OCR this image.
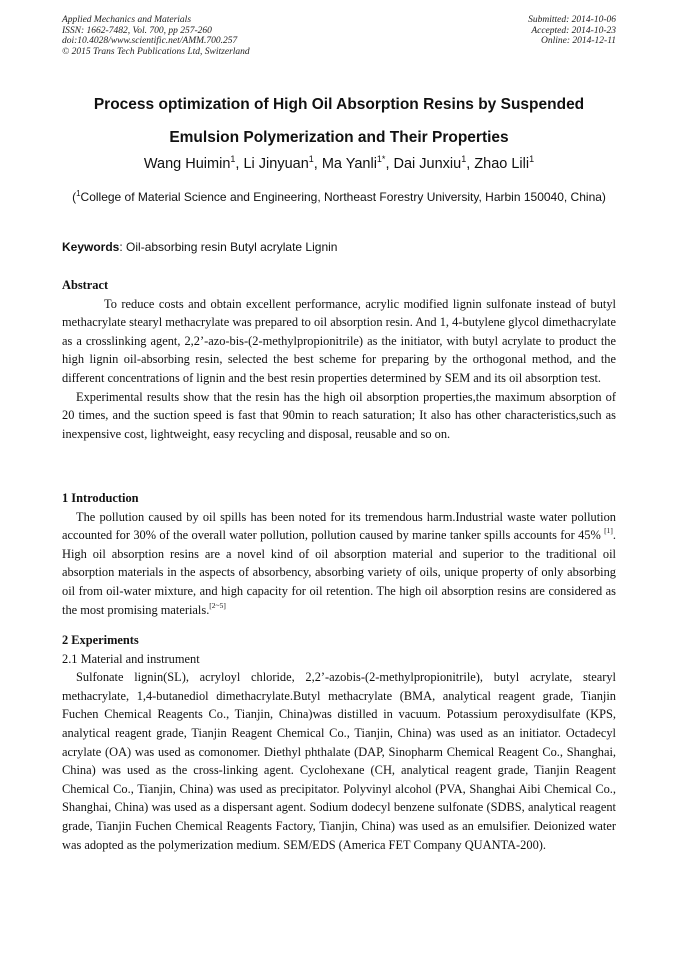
Applied Mechanics and Materials
ISSN: 1662-7482, Vol. 700, pp 257-260
doi:10.4028/www.scientific.net/AMM.700.257
© 2015 Trans Tech Publications Ltd, Switzerland
Submitted: 2014-10-06
Accepted: 2014-10-23
Online: 2014-12-11
Process optimization of High Oil Absorption Resins by Suspended
Emulsion Polymerization and Their Properties
Wang Huimin$^1$, Li Jinyuan$^1$, Ma Yanli$^{1*}$, Dai Junxiu$^1$, Zhao Lili$^1$
($^1$College of Material Science and Engineering, Northeast Forestry University, Harbin 150040, China)
Keywords: Oil-absorbing resin Butyl acrylate Lignin
Abstract

To reduce costs and obtain excellent performance, acrylic modified lignin sulfonate instead of butyl methacrylate stearyl methacrylate was prepared to oil absorption resin. And 1, 4-butylene glycol dimethacrylate as a crosslinking agent, 2,2’-azo-bis-(2-methylpropionitrile) as the initiator, with butyl acrylate to product the high lignin oil-absorbing resin, selected the best scheme for preparing by the orthogonal method, and the different concentrations of lignin and the best resin properties determined by SEM and its oil absorption test.

Experimental results show that the resin has the high oil absorption properties,the maximum absorption of 20 times, and the suction speed is fast that 90min to reach saturation; It also has other characteristics,such as inexpensive cost, lightweight, easy recycling and disposal, reusable and so on.

1 Introduction

The pollution caused by oil spills has been noted for its tremendous harm.Industrial waste water pollution accounted for 30% of the overall water pollution, pollution caused by marine tanker spills accounts for 45% [1]. High oil absorption resins are a novel kind of oil absorption material and superior to the traditional oil absorption materials in the aspects of absorbency, absorbing variety of oils, unique property of only absorbing oil from oil-water mixture, and high capacity for oil retention. The high oil absorption resins are considered as the most promising materials.[2~5]

2 Experiments
2.1 Material and instrument

Sulfonate lignin(SL), acryloyl chloride, 2,2’-azobis-(2-methylpropionitrile), butyl acrylate, stearyl methacrylate, 1,4-butanediol dimethacrylate.Butyl methacrylate (BMA, analytical reagent grade, Tianjin Fuchen Chemical Reagents Co., Tianjin, China)was distilled in vacuum. Potassium peroxydisulfate (KPS, analytical reagent grade, Tianjin Reagent Chemical Co., Tianjin, China) was used as an initiator. Octadecyl acrylate (OA) was used as comonomer. Diethyl phthalate (DAP, Sinopharm Chemical Reagent Co., Shanghai, China) was used as the cross-linking agent. Cyclohexane (CH, analytical reagent grade, Tianjin Reagent Chemical Co., Tianjin, China) was used as precipitator. Polyvinyl alcohol (PVA, Shanghai Aibi Chemical Co., Shanghai, China) was used as a dispersant agent. Sodium dodecyl benzene sulfonate (SDBS, analytical reagent grade, Tianjin Fuchen Chemical Reagents Factory, Tianjin, China) was used as an emulsifier. Deionized water was adopted as the polymerization medium. SEM/EDS (America FET Company QUANTA-200).
